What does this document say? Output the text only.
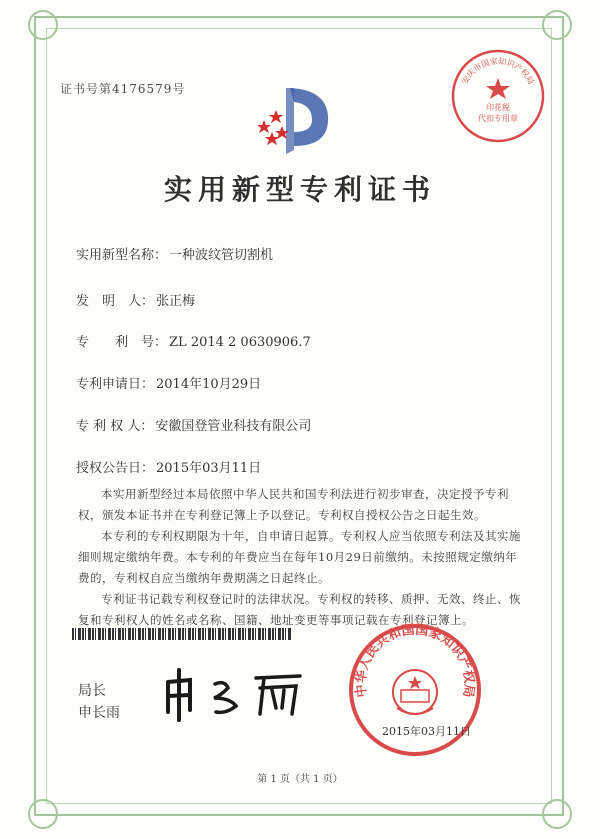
证书号第4176579号
安庆市国家知识产权局
印花税
代扣专用章
实用新型专利证书
实用新型名称： 一种波纹管切割机
发　明　人： 张正梅
专　　利　号： ZL 2014 2 0630906.7
专利申请日： 2014年10月29日
专 利 权 人： 安徽国登管业科技有限公司
授权公告日： 2015年03月11日
本实用新型经过本局依照中华人民共和国专利法进行初步审查，决定授予专利权，颁发本证书并在专利登记簿上予以登记。专利权自授权公告之日起生效。
本专利的专利权期限为十年，自申请日起算。专利权人应当依照专利法及其实施细则规定缴纳年费。本专利的年费应当在每年10月29日前缴纳。未按照规定缴纳年费的，专利权自应当缴纳年费期满之日起终止。
专利证书记载专利权登记时的法律状况。专利权的转移、质押、无效、终止、恢复和专利权人的姓名或名称、国籍、地址变更等事项记载在专利登记簿上。
局长
申长雨
中华人民共和国国家知识产权局
2015年03月11日
第 1 页（共 1 页）
